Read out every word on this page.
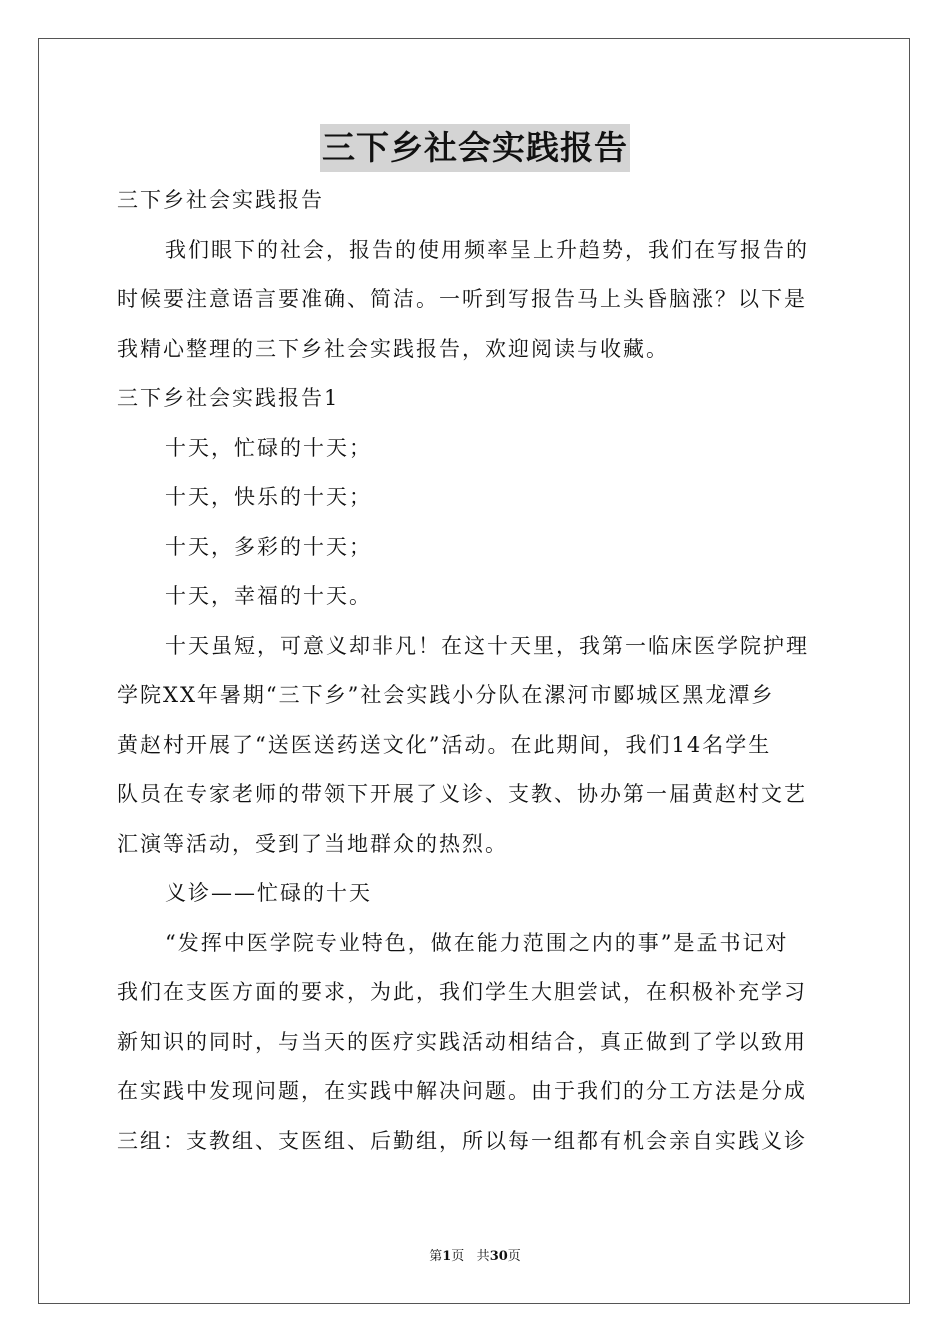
三下乡社会实践报告

三下乡社会实践报告

我们眼下的社会，报告的使用频率呈上升趋势，我们在写报告的

时候要注意语言要准确、简洁。一听到写报告马上头昏脑涨？以下是

我精心整理的三下乡社会实践报告，欢迎阅读与收藏。

三下乡社会实践报告1

十天，忙碌的十天；

十天，快乐的十天；

十天，多彩的十天；

十天，幸福的十天。

十天虽短，可意义却非凡！在这十天里，我第一临床医学院护理

学院XX年暑期“三下乡”社会实践小分队在漯河市郾城区黑龙潭乡

黄赵村开展了“送医送药送文化”活动。在此期间，我们14名学生

队员在专家老师的带领下开展了义诊、支教、协办第一届黄赵村文艺

汇演等活动，受到了当地群众的热烈。

义诊——忙碌的十天

“发挥中医学院专业特色，做在能力范围之内的事”是孟书记对

我们在支医方面的要求，为此，我们学生大胆尝试，在积极补充学习

新知识的同时，与当天的医疗实践活动相结合，真正做到了学以致用

在实践中发现问题，在实践中解决问题。由于我们的分工方法是分成

三组：支教组、支医组、后勤组，所以每一组都有机会亲自实践义诊

第1页 共30页
